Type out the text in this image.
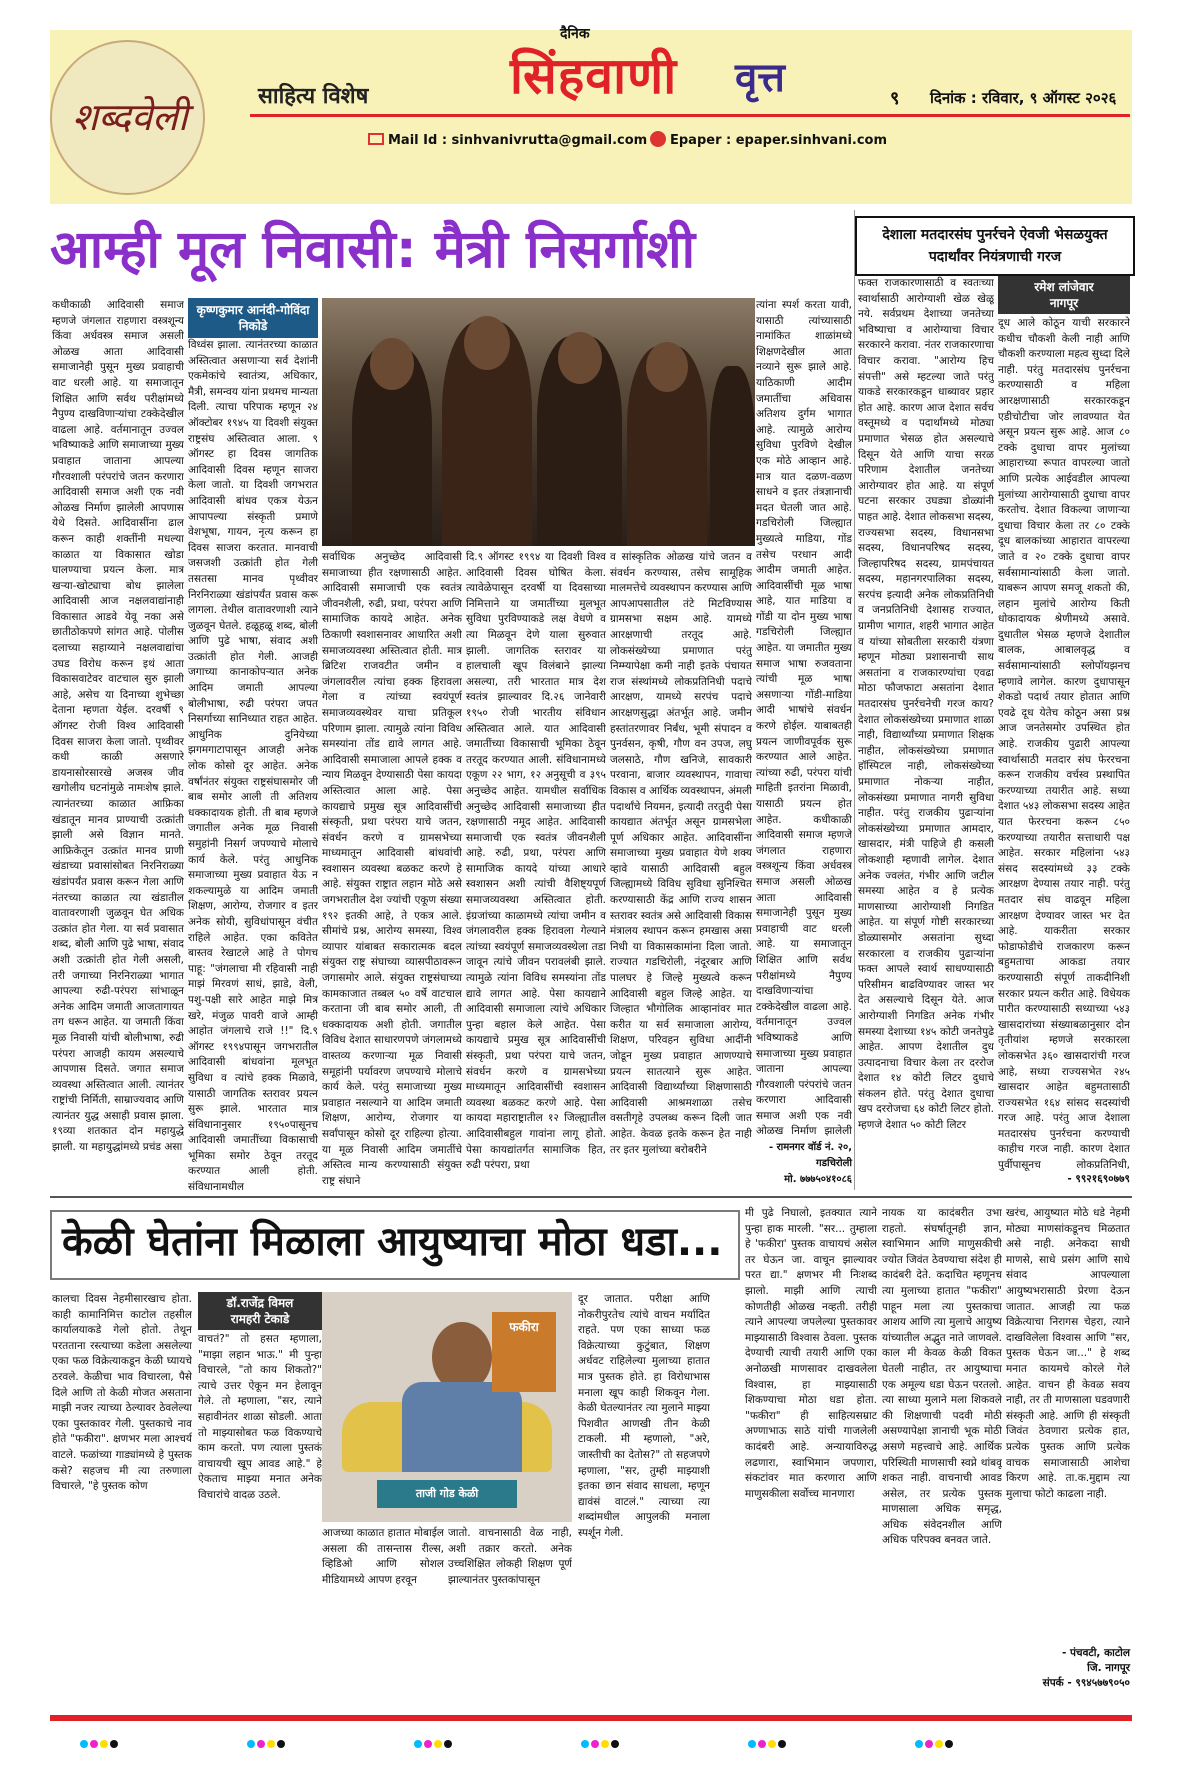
शब्दवेली	साहित्य विशेष
दैनिक
सिंहवाणी वृत्त	९ दिनांक : रविवार, ९ ऑगस्ट २०२६
Mail Id : sinhvanivrutta@gmail.com Epaper : epaper.sinhvani.com
आम्ही मूल निवासी: मैत्री निसर्गाशी
कधीकाळी आदिवासी समाज म्हणजे जंगलात राहणारा वस्त्रशून्य किंवा अर्धवस्त्र समाज असली ओळख आता आदिवासी समाजानेही पुसून मुख्य प्रवाहाची वाट धरली आहे. या समाजातून शिक्षित आणि सर्वथ परीक्षांमध्ये नैपुण्य दाखविणाऱ्यांचा टक्केदेखील वाढला आहे. वर्तमानातून उज्वल भविष्याकडे आणि समाजाच्या मुख्य प्रवाहात जाताना आपल्या गौरवशाली परंपरांचे जतन करणारा आदिवासी समाज अशी एक नवी ओळख निर्माण झालेली आपणास येथे दिसते. आदिवासींना ढाल करून काही शक्तींनी मधल्या काळात या विकासात खोडा घालण्याचा प्रयत्न केला. मात्र खऱ्या-खोट्याचा बोध झालेला आदिवासी आज नक्षलवाद्यांनाही विकासात आडवे येवू नका असे छातीठोकपणे सांगत आहे. पोलीस दलाच्या सहाय्याने नक्षलवाद्यांचा उघड विरोध करून इथं आता विकासवाटेवर वाटचाल सुरु झाली आहे, असेच या दिनाच्या शुभेच्छा देताना म्हणता येईल. दरवर्षी ९ ऑगस्ट रोजी विश्व आदिवासी दिवस साजरा केला जातो. पृथ्वीवर कधी काळी असणारे डायनासोरसारखे अजस्त्र जीव खगोलीय घटनांमुळे नामःशेष झाले. त्यानंतरच्या काळात आफ्रिका खंडातून मानव प्राण्याची उत्क्रांती झाली असे विज्ञान मानते. आफ्रिकेतून उत्क्रांत मानव प्राणी खंडाच्या प्रवासांसोबत निरनिराळ्या खंडांपर्यंत प्रवास करून गेला आणि नंतरच्या काळात त्या खंडातील वातावरणाशी जुळवून घेत अधिक उत्क्रांत होत गेला. या सर्व प्रवासात शब्द, बोली आणि पुढे भाषा, संवाद अशी उत्क्रांती होत गेली असली, तरी जगाच्या निरनिराळ्या भागात आपल्या रुढी-परंपरा सांभाळून अनेक आदिम जमाती आजतागायत तग धरून आहेत. या जमाती किंवा मूळ निवासी यांची बोलीभाषा, रुढी परंपरा आजही कायम असल्याचे आपणास दिसते. जगात समाज व्यवस्था अस्तित्वात आली. त्यानंतर राष्ट्रांची निर्मिती, साम्राज्यवाद आणि त्यानंतर युद्ध असाही प्रवास झाला. १९व्या शतकात दोन महायुद्धे झाली. या महायुद्धांमध्ये प्रचंड असा
कृष्णकुमार आनंदी-गोविंदा निकोडे
विध्वंस झाला. त्यानंतरच्या काळात अस्तित्वात असणाऱ्या सर्व देशांनी एकमेकांचे स्वातंत्र्य, अधिकार, मैत्री, समन्वय यांना प्रथमच मान्यता दिली. त्याचा परिपाक म्हणून २४ ऑक्टोबर १९४५ या दिवशी संयुक्त राष्ट्रसंघ अस्तित्वात आला. ९ ऑगस्ट हा दिवस जागतिक आदिवासी दिवस म्हणून साजरा केला जातो. या दिवशी जगभरात आदिवासी बांधव एकत्र येऊन आपापल्या संस्कृती प्रमाणे वेशभूषा, गायन, नृत्य करून हा दिवस साजरा करतात. मानवाची जसजशी उत्क्रांती होत गेली तसतसा मानव पृथ्वीवर निरनिराळ्या खंडांपर्यंत प्रवास करू लागला. तेथील वातावरणाशी त्याने जुळवून घेतले. हळूहळू शब्द, बोली आणि पुढे भाषा, संवाद अशी उत्क्रांती होत गेली. आजही जगाच्या कानाकोपऱ्यात अनेक आदिम जमाती आपल्या बोलीभाषा, रुढी परंपरा जपत निसर्गाच्या सानिध्यात राहत आहेत. आधुनिक दुनियेच्या झगमगाटापासून आजही अनेक लोक कोसो दूर आहेत. अनेक वर्षांनंतर संयुक्त राष्ट्रसंघासमोर जी बाब समोर आली ती अतिशय धक्कादायक होती. ती बाब म्हणजे जगातील अनेक मूळ निवासी समुहांनी निसर्ग जपण्याचे मोलाचे कार्य केले. परंतु आधुनिक समाजाच्या मुख्य प्रवाहात येऊ न शकल्यामुळे या आदिम जमाती शिक्षण, आरोग्य, रोजगार व इतर अनेक सोयी, सुविधांपासून वंचीत राहिले आहेत. एका कवितेत बास्तव रेखाटले आहे ते पोगच पाहू: "जंगलाचा मी रहिवासी नाही माझं मिरवणं साधं, झाडे, वेली, पशु-पक्षी सारे आहेत माझे मित्र खरे, मंजुळ पावरी वाजे आम्ही आहोत जंगलाचे राजे !!" दि.९ ऑगस्ट १९९४पासून जगभरातील आदिवासी बांधवांना मूलभूत सुविधा व त्यांचे हक्क मिळावे, यासाठी जागतिक स्तरावर प्रयत्न सुरू झाले. भारतात मात्र संविधानानुसार १९५०पासूनच आदिवासी जमातींच्या विकासाची भूमिका समोर ठेवून तरतूद करण्यात आली होती. संविधानामधील
सर्वाधिक अनुच्छेद आदिवासी समाजाच्या हीत रक्षणासाठी आहेत. आदिवासी समाजाची एक स्वतंत्र जीवनशैली, रुढी, प्रथा, परंपरा आणि सामाजिक कायदे आहेत. अनेक ठिकाणी स्वशासनावर आधारित अशी समाजव्यवस्था अस्तित्वात होती. मात्र ब्रिटिश राजवटीत जमीन व जंगलावरील त्यांचा हक्क हिरावला गेला व त्यांच्या स्वयंपूर्ण समाजव्यवस्थेवर याचा प्रतिकूल परिणाम झाला. त्यामुळे त्यांना विविध समस्यांना तोंड द्यावे लागत आहे. आदिवासी समाजाला आपले हक्क व न्याय मिळवून देण्यासाठी पेसा कायदा अस्तित्वात आला आहे. पेसा कायद्याचे प्रमुख सूत्र आदिवासींची संस्कृती, प्रथा परंपरा याचे जतन, संवर्धन करणे व ग्रामसभेच्या माध्यमातून आदिवासी बांधवांची स्वशासन व्यवस्था बळकट करणे हे आहे. संयुक्त राष्ट्रात लहान मोठे असे जगभरातील देश ज्यांची एकूण संख्या १९२ इतकी आहे, ते एकत्र आले. सीमांचे प्रश्न, आरोग्य समस्या, विश्व व्यापार यांबाबत सकारात्मक बदल संयुक्त राष्ट्र संघाच्या व्यासपीठावरून जगासमोर आले. संयुक्त राष्ट्रसंघाच्या कामकाजात तब्बल ५० वर्षे वाटचाल करताना जी बाब समोर आली, ती धक्कादायक अशी होती. जगातील विविध देशात साधारणपणे जंगलामध्ये वास्तव्य करणाऱ्या मूळ निवासी समूहांनी पर्यावरण जपण्याचे मोलाचे कार्य केले. परंतु समाजाच्या मुख्य प्रवाहात नसल्याने या आदिम जमाती शिक्षण, आरोग्य, रोजगार या सर्वांपासून कोसो दूर राहिल्या होत्या. या मूळ निवासी आदिम जमातींचे अस्तित्व मान्य करण्यासाठी संयुक्त राष्ट्र संघाने
दि.९ ऑगस्ट १९९४ या दिवशी विश्व आदिवासी दिवस घोषित केला. त्यावेळेपासून दरवर्षी या दिवसाच्या निमित्ताने या जमातींच्या मुलभूत सुविधा पुरविण्याकडे लक्ष वेधणे व त्या मिळवून देणे याला सुरुवात झाली. जागतिक स्तरावर या हालचाली खूप विलंबाने झाल्या असल्या, तरी भारतात मात्र देश स्वतंत्र झाल्यावर दि.२६ जानेवारी १९५० रोजी भारतीय संविधान अस्तित्वात आले. यात आदिवासी जमातींच्या विकासाची भूमिका ठेवून तरतूद करण्यात आली. संविधानामध्ये एकूण २२ भाग, १२ अनुसूची व ३९५ अनुच्छेद आहेत. यामधील सर्वाधिक अनुच्छेद आदिवासी समाजाच्या हीत रक्षणासाठी नमूद आहेत. आदिवासी समाजाची एक स्वतंत्र जीवनशैली आहे. रुढी, प्रथा, परंपरा आणि सामाजिक कायदे यांच्या आधारे स्वशासन अशी त्यांची वैशिष्ट्यपूर्ण समाजव्यवस्था अस्तित्वात होती. इंग्रजांच्या काळामध्ये त्यांचा जमीन व जंगलावरील हक्क हिरावला गेल्याने त्यांच्या स्वयंपूर्ण समाजव्यवस्थेला तडा जावून त्यांचे जीवन परावलंबी झाले. त्यामुळे त्यांना विविध समस्यांना तोंड द्यावे लागत आहे. पेसा कायद्याने आदिवासी समाजाला त्यांचे अधिकार पुन्हा बहाल केले आहेत. पेसा कायद्याचे प्रमुख सूत्र आदिवासींची संस्कृती, प्रथा परंपरा याचे जतन, संवर्धन करणे व ग्रामसभेच्या माध्यमातून आदिवासींची स्वशासन व्यवस्था बळकट करणे आहे. पेसा कायदा महाराष्ट्रातील १२ जिल्ह्यातील आदिवासीबहुल गावांना लागू होतो. पेसा कायद्यांतर्गत सामाजिक हित, रुढी परंपरा, प्रथा
व सांस्कृतिक ओळख यांचे जतन व संवर्धन करण्यास, तसेच सामूहिक मालमत्तेचे व्यवस्थापन करण्यास आणि आपआपसातील तंटे मिटविण्यास ग्रामसभा सक्षम आहे. यामध्ये आरक्षणाची तरतूद आहे. लोकसंख्येच्या प्रमाणात परंतु निम्म्यापेक्षा कमी नाही इतके पंचायत राज संस्थांमध्ये लोकप्रतिनिधी पदाचे आरक्षण, यामध्ये सरपंच पदाचे आरक्षणसुद्धा अंतर्भूत आहे. जमीन हस्तांतरणावर निर्बंध, भूमी संपादन व पुनर्वसन, कृषी, गौण वन उपज, लघु जलसाठे, गौण खनिजे, सावकारी परवाना, बाजार व्यवस्थापन, गावाचा विकास व आर्थिक व्यवस्थापन, अंमली पदार्थांचे नियमन, इत्यादी तरतुदी पेसा कायद्यात अंतर्भूत असून ग्रामसभेला पूर्ण अधिकार आहेत. आदिवासींना समाजाच्या मुख्य प्रवाहात येणे शक्य व्हावे यासाठी आदिवासी बहुल जिल्ह्यामध्ये विविध सुविधा सुनिश्चित करण्यासाठी केंद्र आणि राज्य शासन स्तरावर स्वतंत्र असे आदिवासी विकास मंत्रालय स्थापन करून हमखास असा निधी या विकासकामांना दिला जातो. राज्यात गडचिरोली, नंदूरबार आणि पालघर हे जिल्हे मुख्यत्वे करून आदिवासी बहुल जिल्हे आहेत. या जिल्हात भौगोलिक आव्हानांवर मात करीत या सर्व समाजाला आरोग्य, शिक्षण, परिवहन सुविधा आदींनी जोडून मुख्य प्रवाहात आणण्याचे प्रयत्न सातत्याने सुरू आहेत. आदिवासी विद्यार्थ्यांच्या शिक्षणासाठी आदिवासी आश्रमशाळा तसेच वसतीगृहे उपलब्ध करून दिली जात आहेत. केवळ इतके करून हेत नाही तर इतर मुलांच्या बरोबरीने
त्यांना स्पर्श करता यावी, यासाठी त्यांच्यासाठी नामांकित शाळांमध्ये शिक्षणदेखील आता नव्याने सुरू झाले आहे. याठिकाणी आदीम जमातींचा अधिवास अतिशय दुर्गम भागात आहे. त्यामुळे आरोग्य सुविधा पुरविणे देखील एक मोठे आव्हान आहे. मात्र यात दळण-वळण साधने व इतर तंत्रज्ञानाची मदत घेतली जात आहे. गडचिरोली जिल्ह्यात मुख्यत्वे माडिया, गोंड तसेच परधान आदी आदीम जमाती आहेत. आदिवासींची मूळ भाषा आहे, यात माडिया व गोंडी या दोन मुख्य भाषा गडचिरोली जिल्ह्यात आहेत. या जमातीत मुख्य समाज भाषा रुजवताना त्यांची मूळ भाषा असणाऱ्या गोंडी-माडिया आदी भाषांचे संवर्धन करणे होईल. याबाबतही प्रयत्न जाणीवपूर्वक सुरू करण्यात आले आहेत. त्यांच्या रुढी, परंपरा यांची माहिती इतरांना मिळावी, यासाठी प्रयत्न होत आहेत. कधीकाळी आदिवासी समाज म्हणजे जंगलात राहणारा वस्त्रशून्य किंवा अर्धवस्त्र समाज असली ओळख आता आदिवासी समाजानेही पुसून मुख्य प्रवाहाची वाट धरली आहे. या समाजातून शिक्षित आणि सर्वथ परीक्षांमध्ये नैपुण्य दाखविणाऱ्यांचा टक्केदेखील वाढला आहे. वर्तमानातून उज्वल भविष्याकडे आणि समाजाच्या मुख्य प्रवाहात जाताना आपल्या गौरवशाली परंपरांचे जतन करणारा आदिवासी समाज अशी एक नवी ओळख निर्माण झालेली
- रामनगर वॉर्ड नं. २०,
गडचिरोली
मो. ७७७५०४१०८६
देशाला मतदारसंघ पुनर्रचने ऐवजी भेसळयुक्त पदार्थांवर नियंत्रणाची गरज
रमेश लांजेवार
नागपूर
फक्त राजकारणासाठी व स्वतःच्या स्वार्थासाठी आरोग्याशी खेळ खेळू नये. सर्वप्रथम देशाच्या जनतेच्या भविष्याचा व आरोग्याचा विचार सरकारने करावा. नंतर राजकारणाचा विचार करावा. "आरोग्य हिच संपत्ती" असे म्हटल्या जाते परंतु याकडे सरकारकडून धाब्यावर प्रहार होत आहे. कारण आज देशात सर्वच वस्तूमध्ये व पदार्थांमध्ये मोठ्या प्रमाणात भेसळ होत असल्याचे दिसून येते आणि याचा सरळ परिणाम देशातील जनतेच्या आरोग्यावर होत आहे. या संपूर्ण घटना सरकार उघड्या डोळ्यांनी पाहत आहे. देशात लोकसभा सदस्य, राज्यसभा सदस्य, विधानसभा सदस्य, विधानपरिषद सदस्य, जिल्हापरिषद सदस्य, ग्रामपंचायत सदस्य, महानगरपालिका सदस्य, सरपंच इत्यादी अनेक लोकप्रतिनिधी व जनप्रतिनिधी देशासह राज्यात, ग्रामीण भागात, शहरी भागात आहेत व यांच्या सोबतीला सरकारी यंत्रणा म्हणून मोठ्या प्रशासनाची साथ असतांना व राजकारण्यांचा एवढा मोठा फौजफाटा असतांना देशात मतदारसंघ पुनर्रचनेची गरज काय? देशात लोकसंख्येच्या प्रमाणात शाळा नाही, विद्यार्थ्यांच्या प्रमाणात शिक्षक नाहीत, लोकसंख्येच्या प्रमाणात हॉस्पिटल नाही, लोकसंख्येच्या प्रमाणात नोकऱ्या नाहीत, लोकसंख्या प्रमाणात नागरी सुविधा नाहीत. परंतु राजकीय पुढाऱ्यांना लोकसंख्येच्या प्रमाणात आमदार, खासदार, मंत्री पाहिजे ही कसली लोकशाही म्हणावी लागेल. देशात अनेक ज्वलंत, गंभीर आणि जटील समस्या आहेत व हे प्रत्येक माणसाच्या आरोग्याशी निगडित आहेत. या संपूर्ण गोष्टी सरकारच्या डोळ्यासमोर असतांना सुध्दा सरकारला व राजकीय पुढाऱ्यांना फक्त आपले स्वार्थ साधण्यासाठी परिसीमन बाढविण्यावर जास्त भर देत असल्याचे दिसून येते. आज आरोग्याशी निगडित अनेक गंभीर समस्या देशाच्या १४५ कोटी जनतेपुढे आहेत. आपण देशातील दुध उत्पादनाचा विचार केला तर दररोज देशात १४ कोटी लिटर दुधाचे संकलन होते. परंतु देशात दुधाचा खप दररोजचा ६४ कोटी लिटर होतो. म्हणजे देशात ५० कोटी लिटर
दूध आले कोठून याची सरकारने कधीच चौकशी केली नाही आणि चौकशी करण्याला महत्व सुध्दा दिले नाही. परंतु मतदारसंघ पुनर्रचना करण्यासाठी व महिला आरक्षणासाठी सरकारकडून एडीचोटीचा जोर लावण्यात येत असून प्रयत्न सुरू आहे. आज ८० टक्के दुधाचा वापर मुलांच्या आहाराच्या रूपात वापरल्या जातो आणि प्रत्येक आईवडील आपल्या मुलांच्या आरोग्यासाठी दुधाचा वापर करतोच. देशात विकल्या जाणाऱ्या दुधाचा विचार केला तर ८० टक्के दूध बालकांच्या आहारात वापरल्या जाते व २० टक्के दुधाचा वापर सर्वसामान्यांसाठी केला जातो. याबरून आपण समजू शकतो की, लहान मुलांचे आरोग्य किती धोकादायक श्रेणीमध्ये असावे. दुधातील भेसळ म्हणजे देशातील बालक, आबालवृद्ध व सर्वसामान्यांसाठी स्लोपॉयझनच म्हणावे लागेल. कारण दुधापासून शेकडो पदार्थ तयार होतात आणि एवढे दूध येतेच कोठून असा प्रश्न आज जनतेसमोर उपस्थित होत आहे. राजकीय पुढारी आपल्या स्वार्थासाठी मतदार संघ फेररचना करून राजकीय वर्चस्व प्रस्थापित करण्याच्या तयारीत आहे. सध्या देशात ५४३ लोकसभा सदस्य आहेत यात फेररचना करून ८५० करण्याच्या तयारीत सत्ताधारी पक्ष आहेत. सरकार महिलांना ५४३ संसद सदस्यांमध्ये ३३ टक्के आरक्षण देण्यास तयार नाही. परंतु मतदार संघ वाढवून महिला आरक्षण देण्यावर जास्त भर देत आहे. याकरीता सरकार फोडाफोडीचे राजकारण करून बहुमताचा आकडा तयार करण्यासाठी संपूर्ण ताकदीनिशी सरकार प्रयत्न करीत आहे. विधेयक पारीत करण्यासाठी सध्याच्या ५४३ खासदारांच्या संख्याबळानुसार दोन तृतीयांश म्हणजे सरकारला लोकसभेत ३६० खासदारांची गरज आहे, सध्या राज्यसभेत २४५ खासदार आहेत बहुमतासाठी राज्यसभेत १६४ सांसद सदस्यांची गरज आहे. परंतु आज देशाला मतदारसंघ पुनर्रचना करण्याची काहीच गरज नाही. कारण देशात पुर्वीपासूनच लोकप्रतिनिधी,
- ९९२१६९०७७९
केळी घेतांना मिळाला आयुष्याचा मोठा धडा...
कालचा दिवस नेहमीसारखाच होता. काही कामानिमित्त काटोल तहसील कार्यालयाकडे गेलो होतो. तेथून परतताना रस्त्याच्या कडेला असलेल्या एका फळ विक्रेत्याकडून केळी घ्यायचे ठरवले. केळीचा भाव विचारला, पैसे दिले आणि तो केळी मोजत असताना माझी नजर त्याच्या ठेल्यावर ठेवलेल्या एका पुस्तकावर गेली. पुस्तकाचे नाव होते "फकीरा". क्षणभर मला आश्चर्य वाटले. फळांच्या गाड्यांमध्ये हे पुस्तक कसे? सहजच मी त्या तरुणाला विचारले, "हे पुस्तक कोण
डॉ.राजेंद्र विमल
रामहरी टेकाडे
वाचतं?" तो हसत म्हणाला, "माझा लहान भाऊ." मी पुन्हा विचारले, "तो काय शिकतो?" त्याचे उत्तर ऐकून मन हेलावून गेले. तो म्हणाला, "सर, त्याने सहावीनंतर शाळा सोडली. आता तो माझ्यासोबत फळ विकण्याचे काम करतो. पण त्याला पुस्तकं वाचायची खूप आवड आहे." हे ऐकताच माझ्या मनात अनेक विचारांचे वादळ उठले.
फकीरा
ताजी गोड केळी
आजच्या काळात हातात मोबाईल असला की तासन्तास रील्स, व्हिडिओ आणि सोशल मीडियामध्ये आपण हरवून
जातो. वाचनासाठी वेळ नाही, अशी तक्रार करतो. अनेक उच्चशिक्षित लोकही शिक्षण पूर्ण झाल्यानंतर पुस्तकांपासून
दूर जातात. परीक्षा आणि नोकरीपुरतेच त्यांचे वाचन मर्यादित राहते. पण एका साध्या फळ विक्रेत्याच्या कुटुंबात, शिक्षण अर्धवट राहिलेल्या मुलाच्या हातात मात्र पुस्तक होते. हा विरोधाभास मनाला खूप काही शिकवून गेला. केळी घेतल्यानंतर त्या मुलाने माझ्या पिशवीत आणखी तीन केळी टाकली. मी म्हणालो, "अरे, जास्तीची का देतोस?" तो सहजपणे म्हणाला, "सर, तुम्ही माझ्याशी इतका छान संवाद साधला, म्हणून द्यावंसं वाटलं." त्याच्या त्या शब्दांमधील आपुलकी मनाला स्पर्शून गेली.
मी पुढे निघालो, इतक्यात त्याने पुन्हा हाक मारली. "सर... तुम्हाला हे 'फकीरा' पुस्तक वाचायचं असेल तर घेऊन जा. वाचून झाल्यावर परत द्या." क्षणभर मी निःशब्द झालो. माझी आणि त्याची कोणतीही ओळख नव्हती. तरीही त्याने आपल्या जपलेल्या पुस्तकावर माझ्यासाठी विश्वास ठेवला. पुस्तक देण्याची त्याची तयारी आणि एका अनोळखी माणसावर दाखवलेला विश्वास, हा माझ्यासाठी शिकण्याचा मोठा धडा होता. "फकीरा" ही साहित्यसम्राट अण्णाभाऊ साठे यांची गाजलेली कादंबरी आहे. अन्यायाविरुद्ध लढणारा, स्वाभिमान जपणारा, संकटांवर मात करणारा आणि माणुसकीला सर्वोच्च मानणारा
नायक या कादंबरीत उभा राहतो. संघर्षातूनही ज्ञान, स्वाभिमान आणि माणुसकीची ज्योत जिवंत ठेवण्याचा संदेश ही कादंबरी देते. कदाचित म्हणूनच त्या मुलाच्या हातात "फकीरा" पाहून मला त्या पुस्तकाचा आशय आणि त्या मुलाचे आयुष्य यांच्यातील अद्भुत नाते जाणवले. काल मी केवळ केळी विकत घेतली नाहीत, तर आयुष्याचा एक अमूल्य धडा घेऊन परतलो. त्या साध्या मुलाने मला शिकवले की शिक्षणाची पदवी मोठी असण्यापेक्षा ज्ञानाची भूक मोठी असणे महत्त्वाचे आहे. आर्थिक परिस्थिती माणसाची स्वप्ने थांबवू शकत नाही. वाचनाची आवड असेल, तर प्रत्येक पुस्तक माणसाला अधिक समृद्ध, अधिक संवेदनशील आणि अधिक परिपक्व बनवत जाते.
खरंच, आयुष्यात मोठे धडे नेहमी मोठ्या माणसांकडूनच मिळतात असे नाही. अनेकदा साधी माणसे, साधे प्रसंग आणि साधे संवाद आपल्याला आयुष्यभरासाठी प्रेरणा देऊन जातात. आजही त्या फळ विक्रेत्याचा निरागस चेहरा, त्याने दाखविलेला विश्वास आणि "सर, पुस्तक घेऊन जा..." हे शब्द मनात कायमचे कोरले गेले आहेत. वाचन ही केवळ सवय नाही, तर ती माणसाला घडवणारी संस्कृती आहे. आणि ही संस्कृती जिवंत ठेवणारा प्रत्येक हात, प्रत्येक पुस्तक आणि प्रत्येक वाचक समाजासाठी आशेचा किरण आहे. ता.क.मुद्दाम त्या मुलाचा फोटो काढला नाही.
- पंचवटी, काटोल
जि. नागपूर
संपर्क - ९९४५७७९०५०
